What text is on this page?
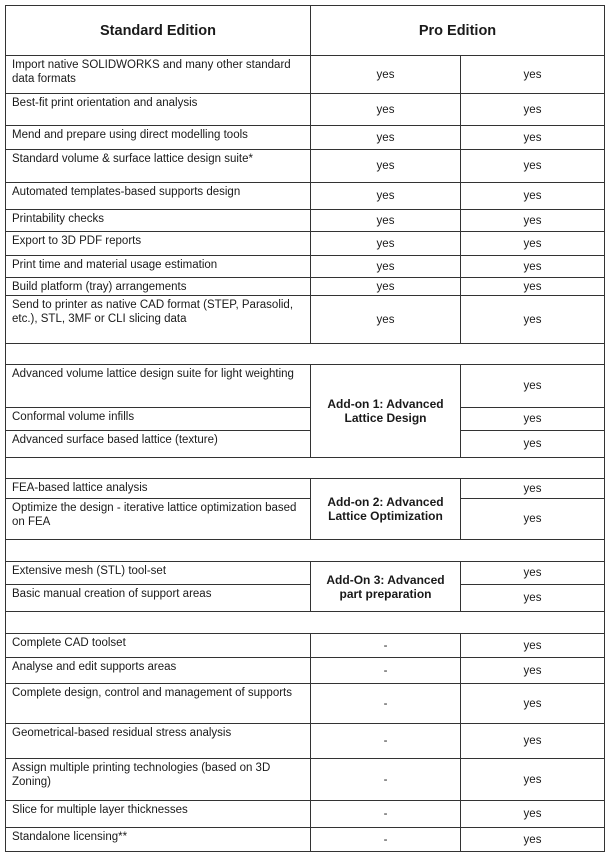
Standard Edition	Pro Edition	
Import native SOLIDWORKS and many other standard data formats	yes	yes
Best-fit print orientation and analysis	yes	yes
Mend and prepare using direct modelling tools	yes	yes
Standard volume & surface lattice design suite*	yes	yes
Automated templates-based supports design	yes	yes
Printability checks	yes	yes
Export to 3D PDF reports	yes	yes
Print time and material usage estimation	yes	yes
Build platform (tray) arrangements	yes	yes
Send to printer as native CAD format (STEP, Parasolid, etc.), STL, 3MF or CLI slicing data	yes	yes

Advanced volume lattice design suite for light weighting	Add-on 1: Advanced Lattice Design	yes
Conformal volume infills		yes
Advanced surface based lattice (texture)		yes

FEA-based lattice analysis	Add-on 2: Advanced Lattice Optimization	yes
Optimize the design - iterative lattice optimization based on FEA		yes

Extensive mesh (STL) tool-set	Add-On 3: Advanced part preparation	yes
Basic manual creation of support areas		yes

Complete CAD toolset	-	yes
Analyse and edit supports areas	-	yes
Complete design, control and management of supports	-	yes
Geometrical-based residual stress analysis	-	yes
Assign multiple printing technologies (based on 3D Zoning)	-	yes
Slice for multiple layer thicknesses	-	yes
Standalone licensing**	-	yes
